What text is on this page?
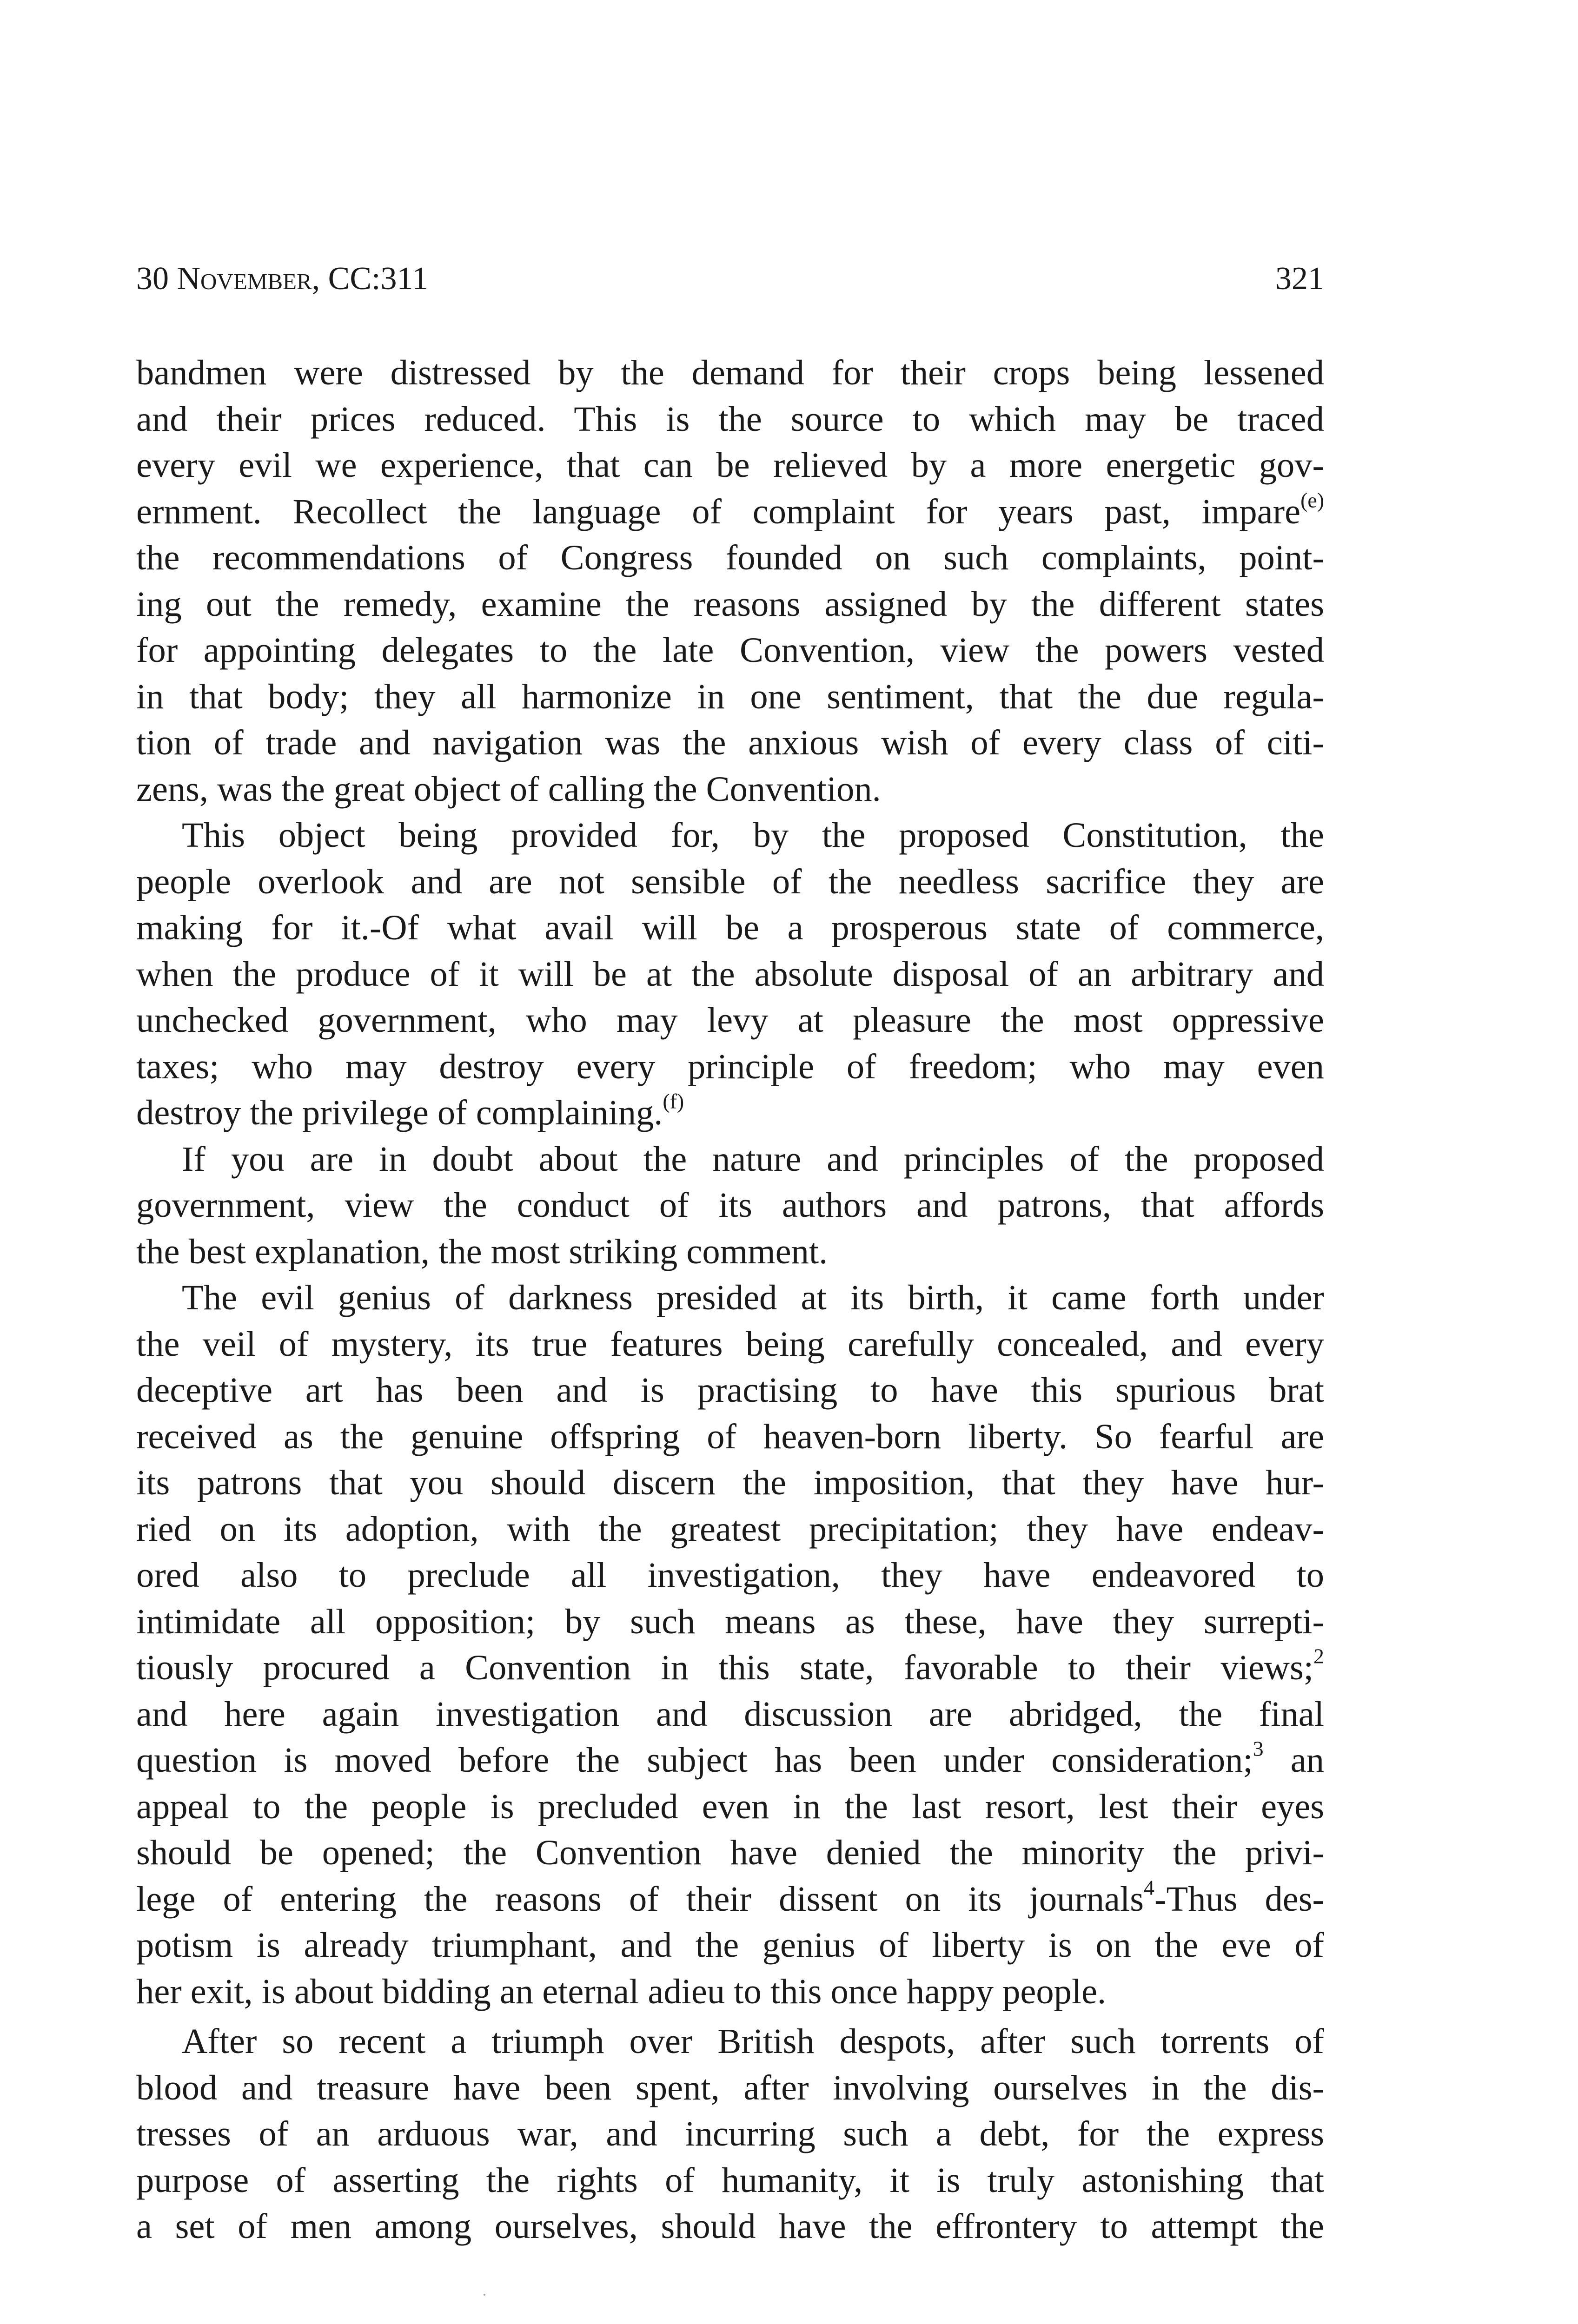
30 November, CC:311	321

bandmen were distressed by the demand for their crops being lessened
and their prices reduced. This is the source to which may be traced
every evil we experience, that can be relieved by a more energetic gov-
ernment. Recollect the language of complaint for years past, impare$^{(e)}$
the recommendations of Congress founded on such complaints, point-
ing out the remedy, examine the reasons assigned by the different states
for appointing delegates to the late Convention, view the powers vested
in that body; they all harmonize in one sentiment, that the due regula-
tion of trade and navigation was the anxious wish of every class of citi-
zens, was the great object of calling the Convention.

This object being provided for, by the proposed Constitution, the
people overlook and are not sensible of the needless sacrifice they are
making for it.-Of what avail will be a prosperous state of commerce,
when the produce of it will be at the absolute disposal of an arbitrary and
unchecked government, who may levy at pleasure the most oppressive
taxes; who may destroy every principle of freedom; who may even
destroy the privilege of complaining.$^{(f)}$

If you are in doubt about the nature and principles of the proposed
government, view the conduct of its authors and patrons, that affords
the best explanation, the most striking comment.

The evil genius of darkness presided at its birth, it came forth under
the veil of mystery, its true features being carefully concealed, and every
deceptive art has been and is practising to have this spurious brat
received as the genuine offspring of heaven-born liberty. So fearful are
its patrons that you should discern the imposition, that they have hur-
ried on its adoption, with the greatest precipitation; they have endeav-
ored also to preclude all investigation, they have endeavored to
intimidate all opposition; by such means as these, have they surrepti-
tiously procured a Convention in this state, favorable to their views;$^2$
and here again investigation and discussion are abridged, the final
question is moved before the subject has been under consideration;$^3$ an
appeal to the people is precluded even in the last resort, lest their eyes
should be opened; the Convention have denied the minority the privi-
lege of entering the reasons of their dissent on its journals$^4$-Thus des-
potism is already triumphant, and the genius of liberty is on the eve of
her exit, is about bidding an eternal adieu to this once happy people.

After so recent a triumph over British despots, after such torrents of
blood and treasure have been spent, after involving ourselves in the dis-
tresses of an arduous war, and incurring such a debt, for the express
purpose of asserting the rights of humanity, it is truly astonishing that
a set of men among ourselves, should have the effrontery to attempt the
